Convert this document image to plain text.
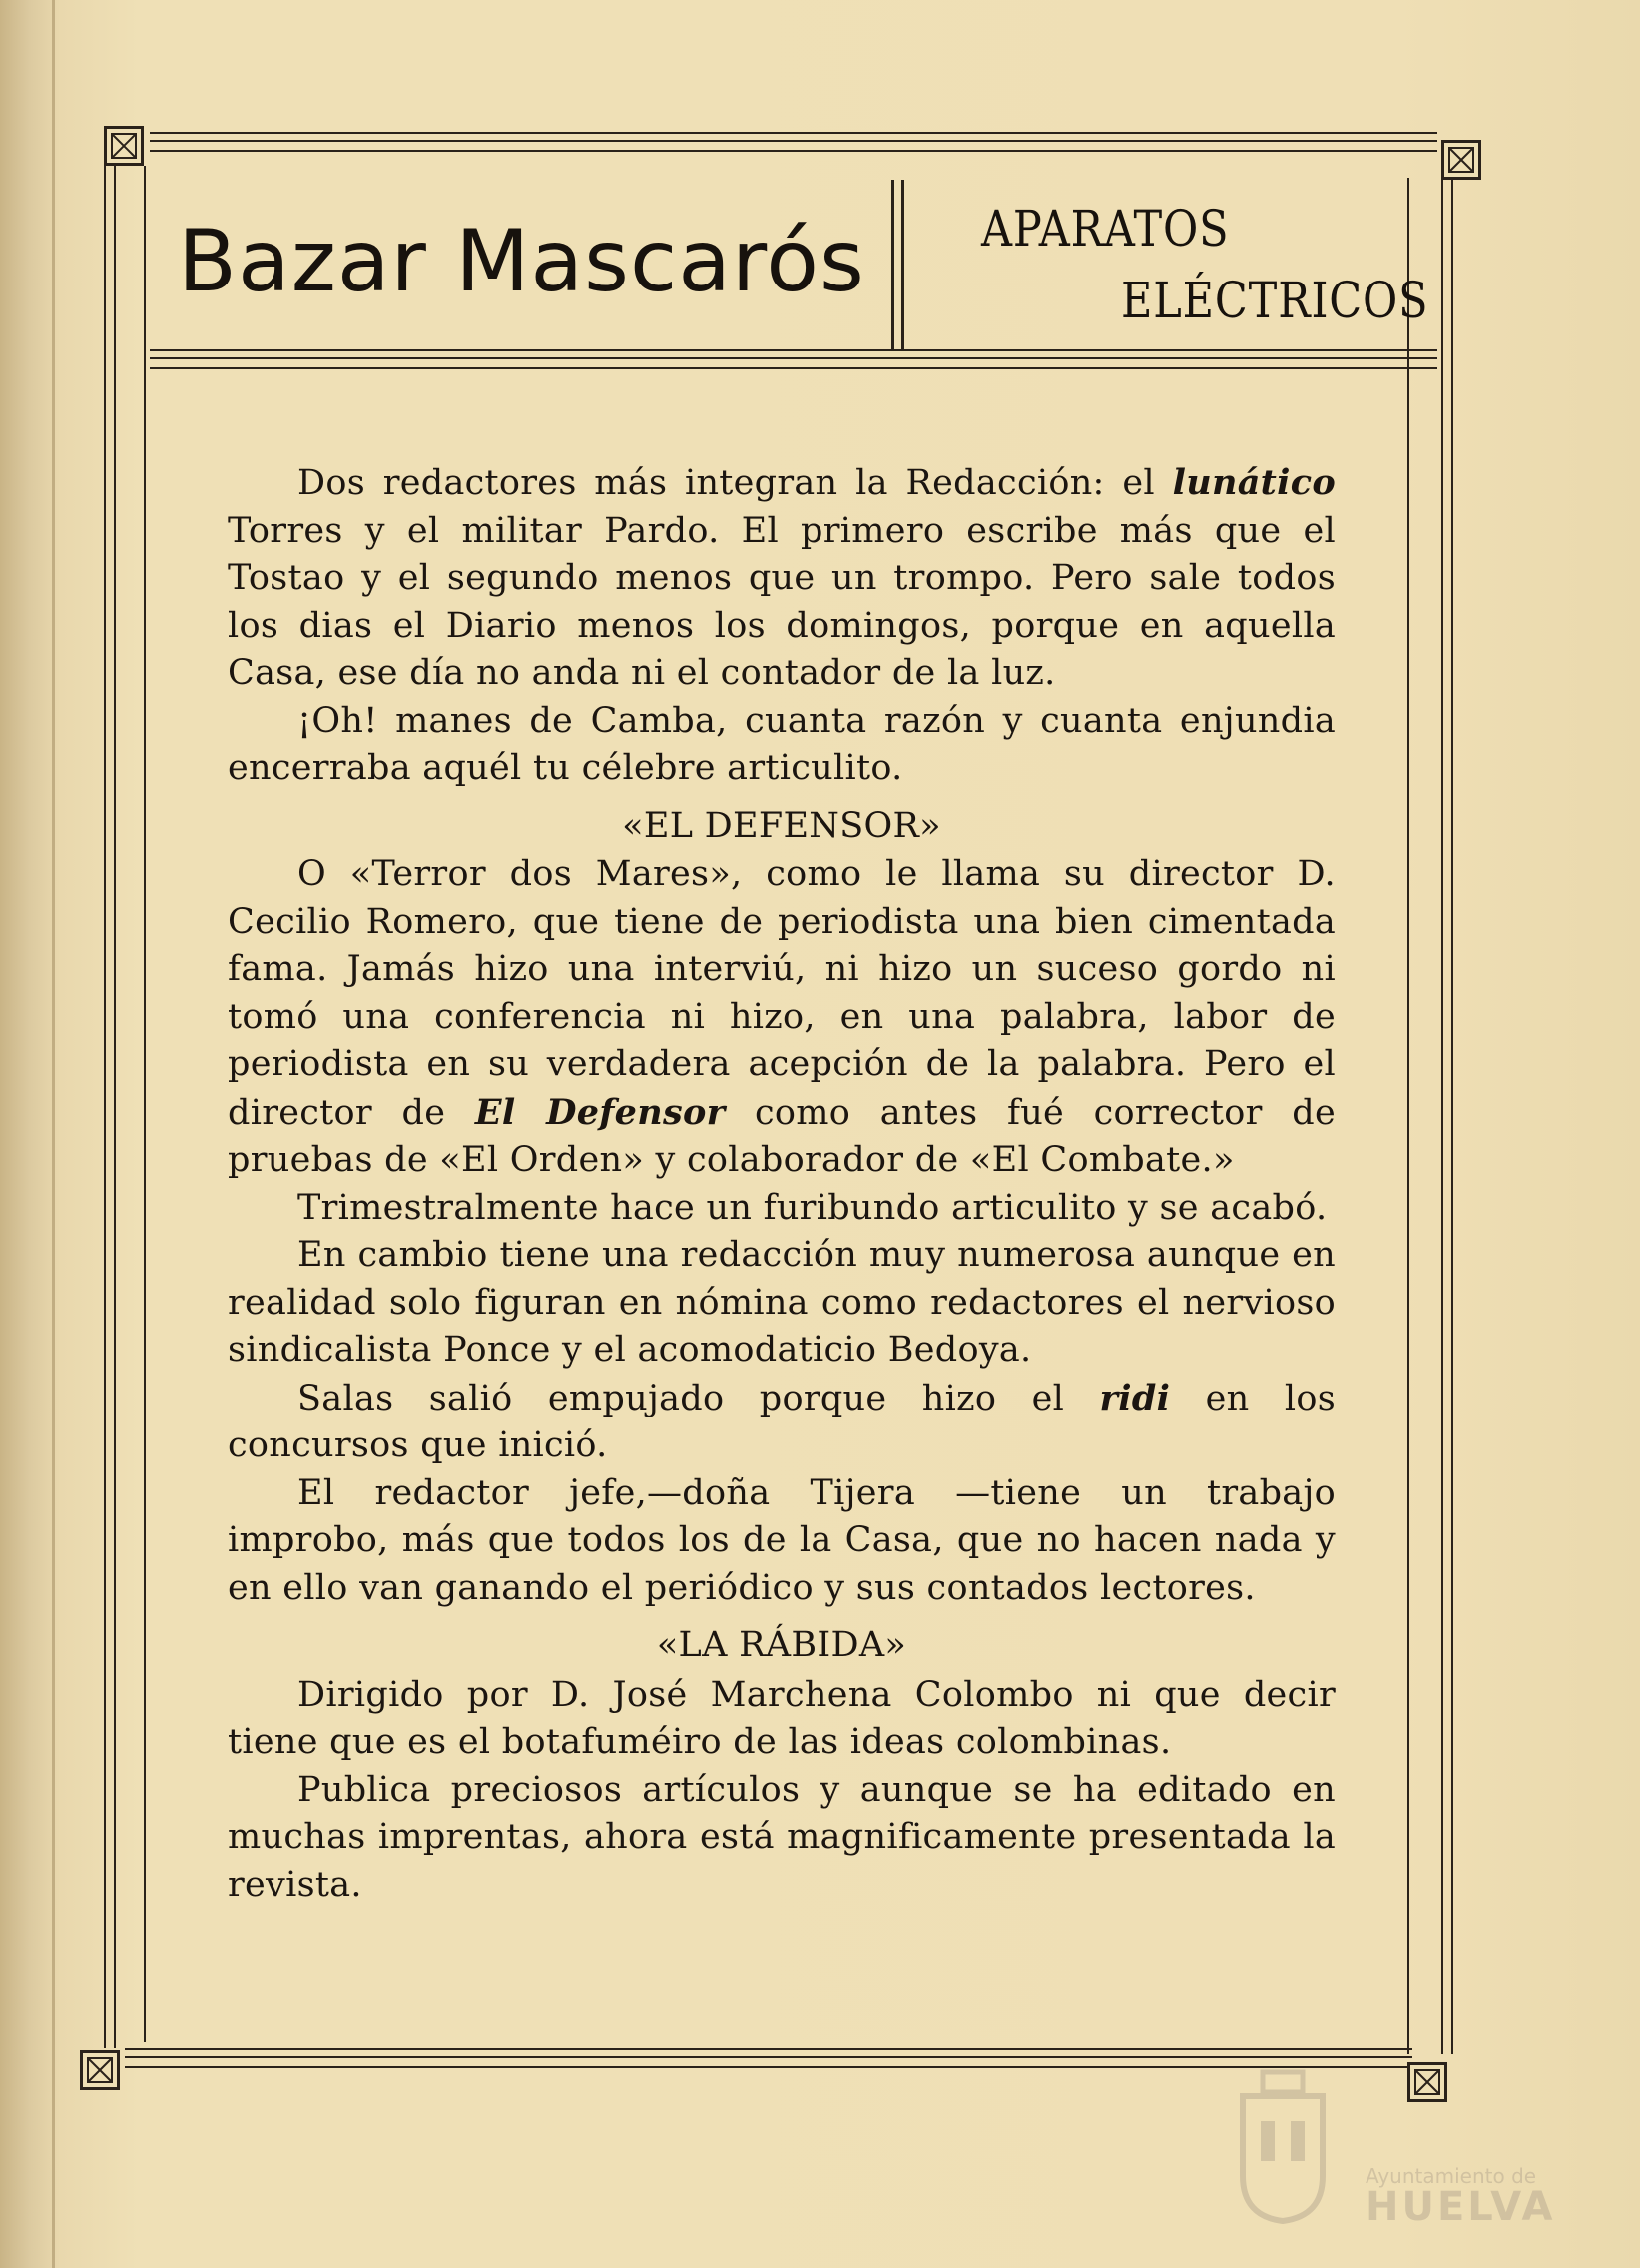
Bazar Mascarós APARATOS
ELÉCTRICOS

Dos redactores más integran la Redacción: el lunático Torres y el militar Pardo. El primero escribe más que el Tostao y el segundo menos que un trompo. Pero sale todos los dias el Diario menos los domingos, porque en aquella Casa, ese día no anda ni el contador de la luz.

¡Oh! manes de Camba, cuanta razón y cuanta enjundia encerraba aquél tu célebre articulito.

«EL DEFENSOR»

O «Terror dos Mares», como le llama su director D. Cecilio Romero, que tiene de periodista una bien cimentada fama. Jamás hizo una interviú, ni hizo un suceso gordo ni tomó una conferencia ni hizo, en una palabra, labor de periodista en su verdadera acepción de la palabra. Pero el director de El Defensor como antes fué corrector de pruebas de «El Orden» y colaborador de «El Combate.»

Trimestralmente hace un furibundo articulito y se acabó.

En cambio tiene una redacción muy numerosa aunque en realidad solo figuran en nómina como redactores el nervioso sindicalista Ponce y el acomodaticio Bedoya.

Salas salió empujado porque hizo el ridi en los concursos que inició.

El redactor jefe,—doña Tijera —tiene un trabajo improbo, más que todos los de la Casa, que no hacen nada y en ello van ganando el periódico y sus contados lectores.

«LA RÁBIDA»

Dirigido por D. José Marchena Colombo ni que decir tiene que es el botafuméiro de las ideas colombinas.

Publica preciosos artículos y aunque se ha editado en muchas imprentas, ahora está magnificamente presentada la revista.

Ayuntamiento de
HUELVA
